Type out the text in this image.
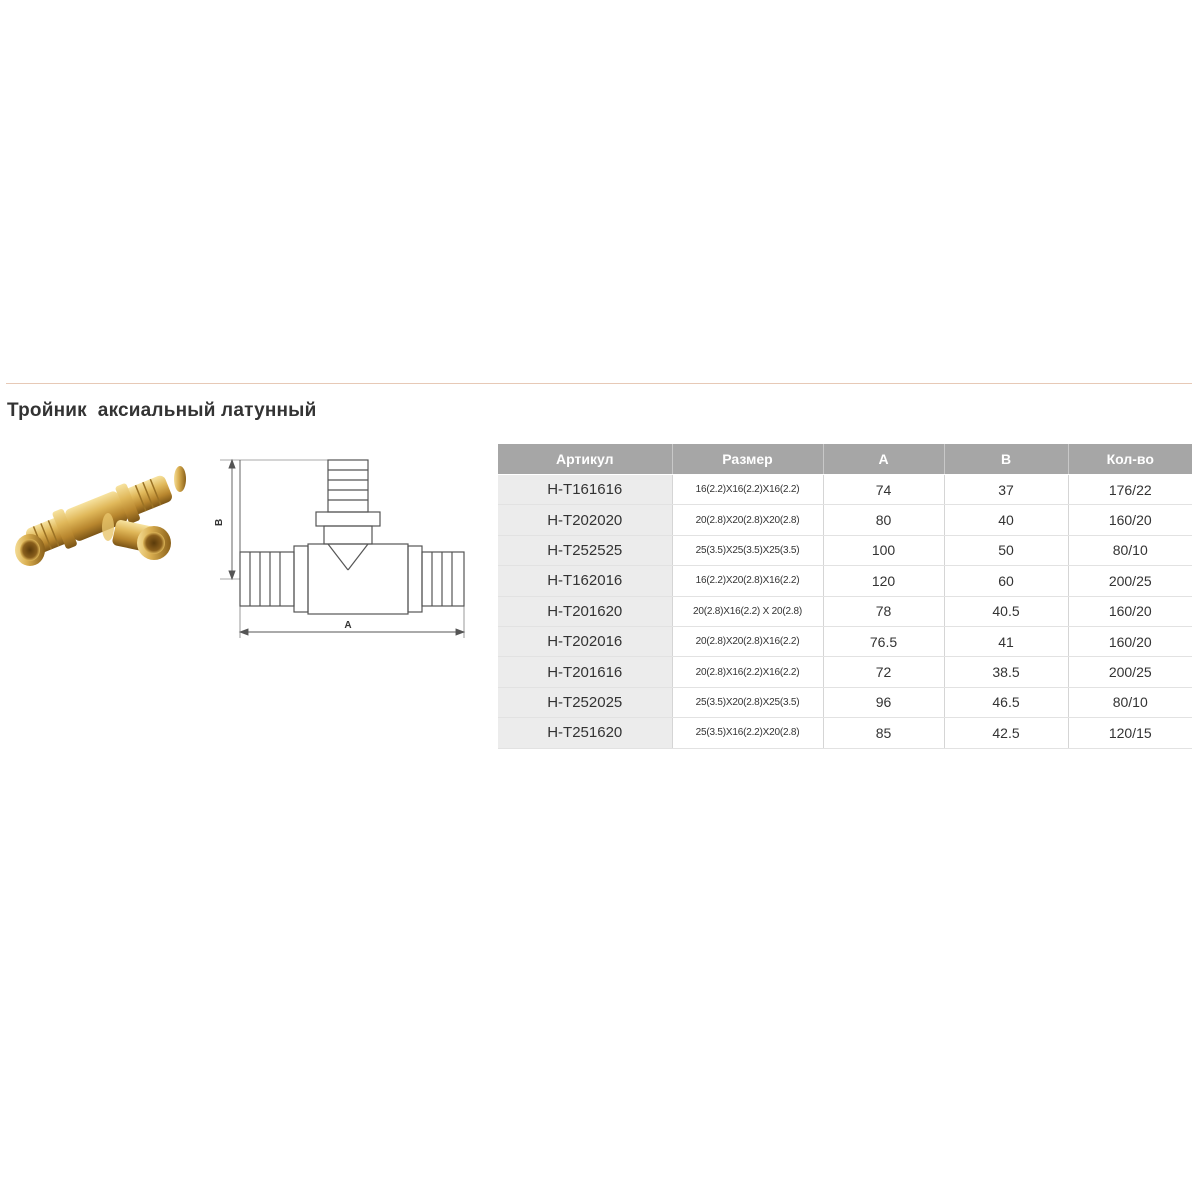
Тройник  аксиальный латунный
B
A
Артикул	Размер	A	B	Кол-во
H-T161616	16(2.2)X16(2.2)X16(2.2)	74	37	176/22
H-T202020	20(2.8)X20(2.8)X20(2.8)	80	40	160/20
H-T252525	25(3.5)X25(3.5)X25(3.5)	100	50	80/10
H-T162016	16(2.2)X20(2.8)X16(2.2)	120	60	200/25
H-T201620	20(2.8)X16(2.2) X 20(2.8)	78	40.5	160/20
H-T202016	20(2.8)X20(2.8)X16(2.2)	76.5	41	160/20
H-T201616	20(2.8)X16(2.2)X16(2.2)	72	38.5	200/25
H-T252025	25(3.5)X20(2.8)X25(3.5)	96	46.5	80/10
H-T251620	25(3.5)X16(2.2)X20(2.8)	85	42.5	120/15
